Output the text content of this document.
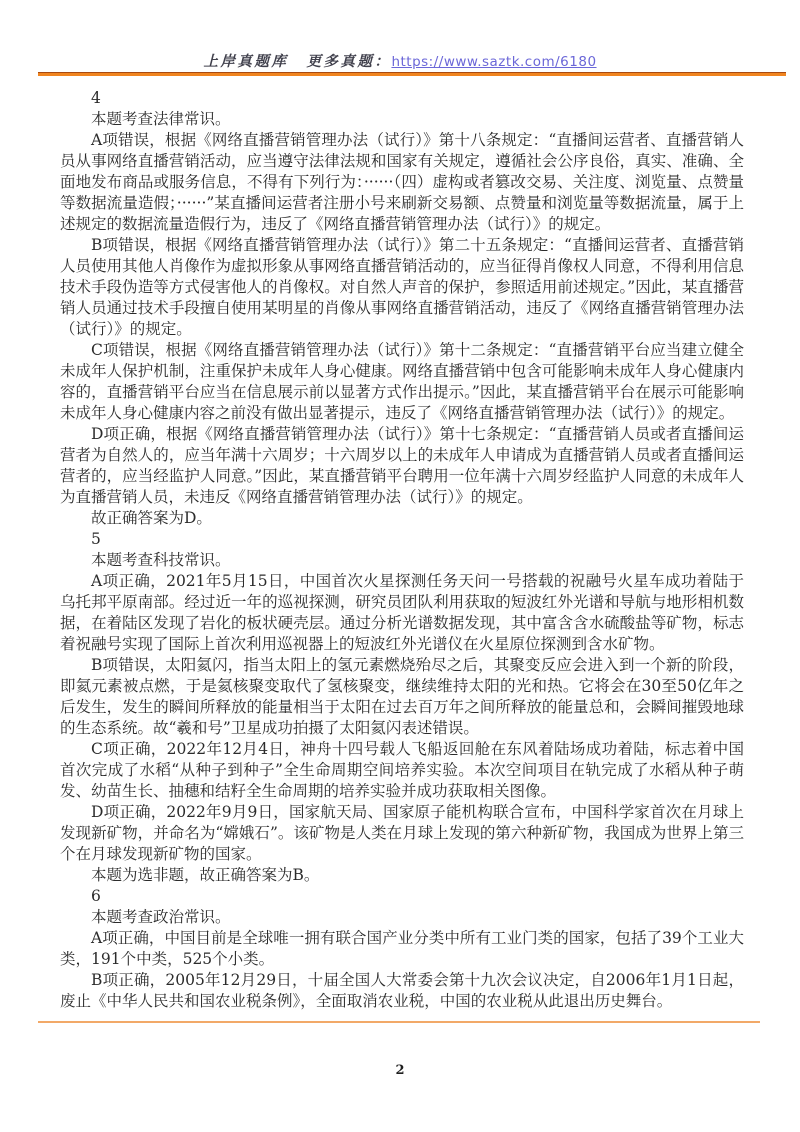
上岸真题库 更多真题：https://www.saztk.com/6180

4

本题考查法律常识。

A项错误，根据《网络直播营销管理办法（试行）》第十八条规定：“直播间运营者、直播营销人员从事网络直播营销活动，应当遵守法律法规和国家有关规定，遵循社会公序良俗，真实、准确、全面地发布商品或服务信息，不得有下列行为：······（四）虚构或者篡改交易、关注度、浏览量、点赞量等数据流量造假；······”某直播间运营者注册小号来刷新交易额、点赞量和浏览量等数据流量，属于上述规定的数据流量造假行为，违反了《网络直播营销管理办法（试行）》的规定。

B项错误，根据《网络直播营销管理办法（试行）》第二十五条规定：“直播间运营者、直播营销人员使用其他人肖像作为虚拟形象从事网络直播营销活动的，应当征得肖像权人同意，不得利用信息技术手段伪造等方式侵害他人的肖像权。对自然人声音的保护，参照适用前述规定。”因此，某直播营销人员通过技术手段擅自使用某明星的肖像从事网络直播营销活动，违反了《网络直播营销管理办法（试行）》的规定。

C项错误，根据《网络直播营销管理办法（试行）》第十二条规定：“直播营销平台应当建立健全未成年人保护机制，注重保护未成年人身心健康。网络直播营销中包含可能影响未成年人身心健康内容的，直播营销平台应当在信息展示前以显著方式作出提示。”因此，某直播营销平台在展示可能影响未成年人身心健康内容之前没有做出显著提示，违反了《网络直播营销管理办法（试行）》的规定。

D项正确，根据《网络直播营销管理办法（试行）》第十七条规定：“直播营销人员或者直播间运营者为自然人的，应当年满十六周岁；十六周岁以上的未成年人申请成为直播营销人员或者直播间运营者的，应当经监护人同意。”因此，某直播营销平台聘用一位年满十六周岁经监护人同意的未成年人为直播营销人员，未违反《网络直播营销管理办法（试行）》的规定。

故正确答案为D。

5

本题考查科技常识。

A项正确，2021年5月15日，中国首次火星探测任务天问一号搭载的祝融号火星车成功着陆于乌托邦平原南部。经过近一年的巡视探测，研究员团队利用获取的短波红外光谱和导航与地形相机数据，在着陆区发现了岩化的板状硬壳层。通过分析光谱数据发现，其中富含含水硫酸盐等矿物，标志着祝融号实现了国际上首次利用巡视器上的短波红外光谱仪在火星原位探测到含水矿物。

B项错误，太阳氦闪，指当太阳上的氢元素燃烧殆尽之后，其聚变反应会进入到一个新的阶段，即氦元素被点燃，于是氦核聚变取代了氢核聚变，继续维持太阳的光和热。它将会在30至50亿年之后发生，发生的瞬间所释放的能量相当于太阳在过去百万年之间所释放的能量总和，会瞬间摧毁地球的生态系统。故“羲和号”卫星成功拍摄了太阳氦闪表述错误。

C项正确，2022年12月4日，神舟十四号载人飞船返回舱在东风着陆场成功着陆，标志着中国首次完成了水稻“从种子到种子”全生命周期空间培养实验。本次空间项目在轨完成了水稻从种子萌发、幼苗生长、抽穗和结籽全生命周期的培养实验并成功获取相关图像。

D项正确，2022年9月9日，国家航天局、国家原子能机构联合宣布，中国科学家首次在月球上发现新矿物，并命名为“嫦娥石”。该矿物是人类在月球上发现的第六种新矿物，我国成为世界上第三个在月球发现新矿物的国家。

本题为选非题，故正确答案为B。

6

本题考查政治常识。

A项正确，中国目前是全球唯一拥有联合国产业分类中所有工业门类的国家，包括了39个工业大类，191个中类，525个小类。

B项正确，2005年12月29日，十届全国人大常委会第十九次会议决定，自2006年1月1日起，废止《中华人民共和国农业税条例》，全面取消农业税，中国的农业税从此退出历史舞台。

2
